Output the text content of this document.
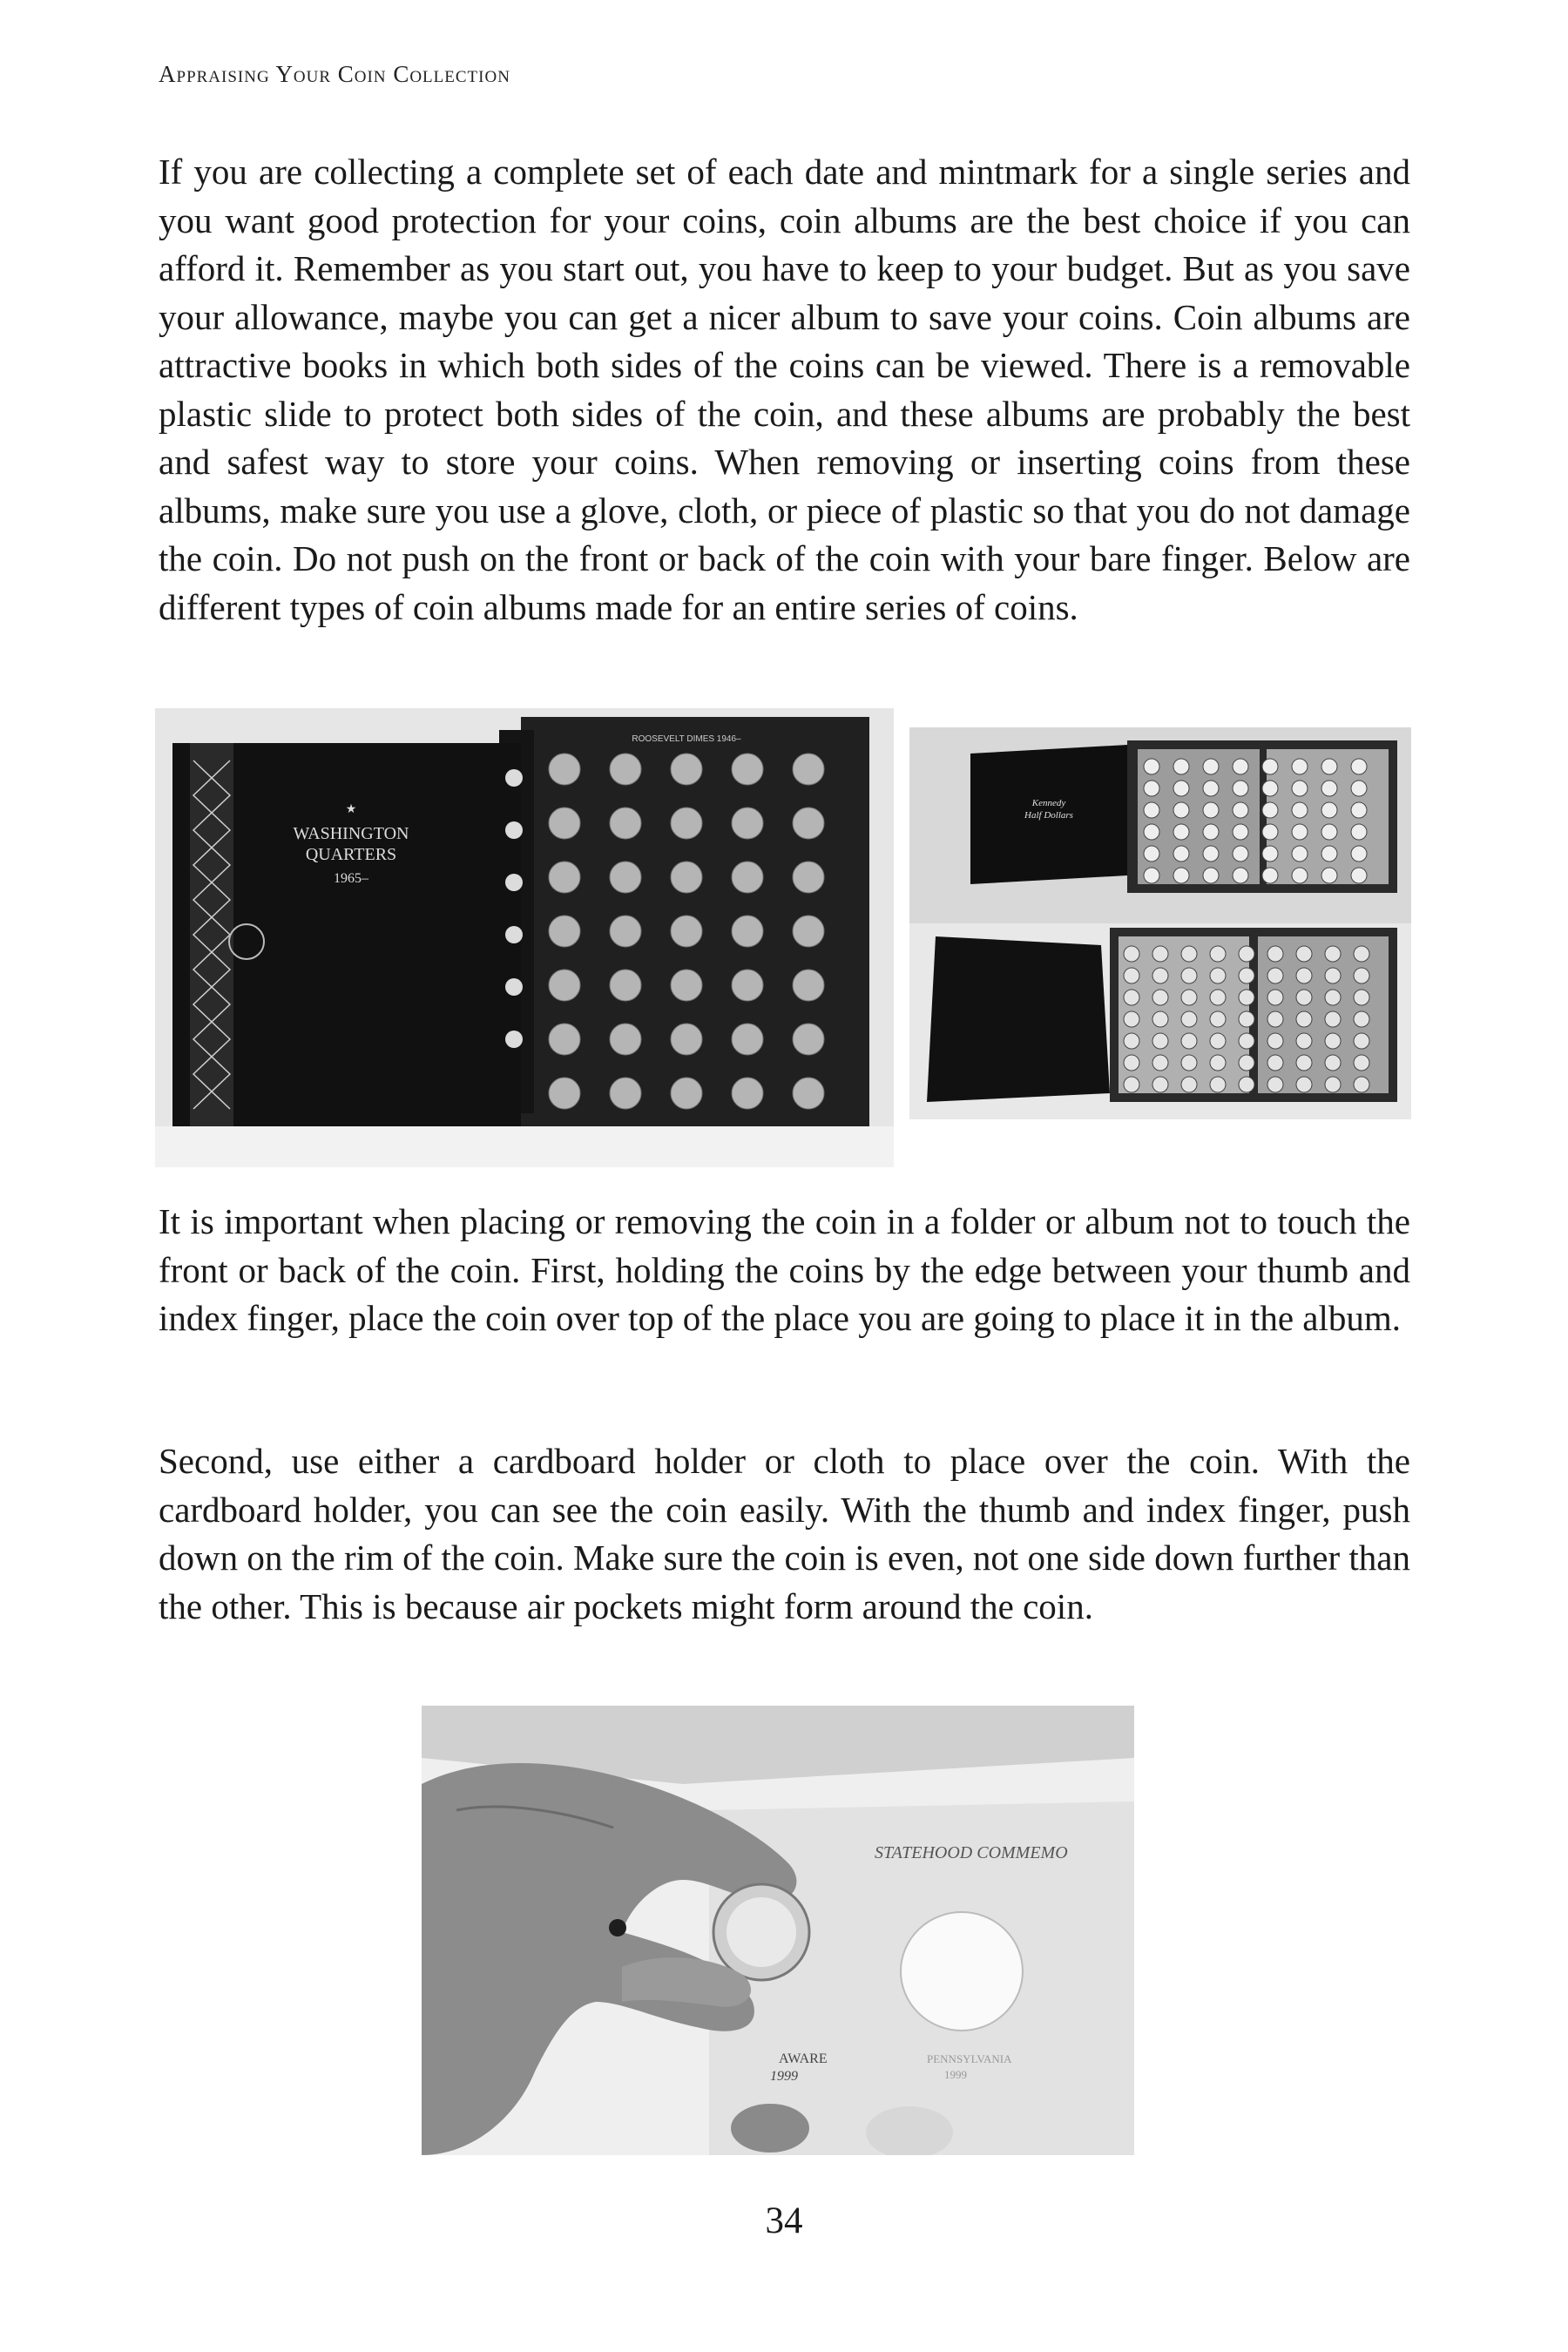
Appraising Your Coin Collection

If you are collecting a complete set of each date and mintmark for a single series and you want good protection for your coins, coin albums are the best choice if you can afford it. Remember as you start out, you have to keep to your budget. But as you save your allowance, maybe you can get a nicer album to save your coins. Coin albums are attractive books in which both sides of the coins can be viewed. There is a removable plastic slide to protect both sides of the coin, and these albums are probably the best and safest way to store your coins. When removing or inserting coins from these albums, make sure you use a glove, cloth, or piece of plastic so that you do not damage the coin. Do not push on the front or back of the coin with your bare finger. Below are different types of coin albums made for an entire series of coins.

★
WASHINGTON
QUARTERS
1965–
ROOSEVELT DIMES 1946–
Kennedy
Half Dollars

It is important when placing or removing the coin in a folder or album not to touch the front or back of the coin. First, holding the coins by the edge between your thumb and index finger, place the coin over top of the place you are going to place it in the album.

Second, use either a cardboard holder or cloth to place over the coin. With the cardboard holder, you can see the coin easily. With the thumb and index finger, push down on the rim of the coin. Make sure the coin is even, not one side down further than the other. This is because air pockets might form around the coin.

STATEHOOD COMMEMO
AWARE
1999
PENNSYLVANIA
1999
34
